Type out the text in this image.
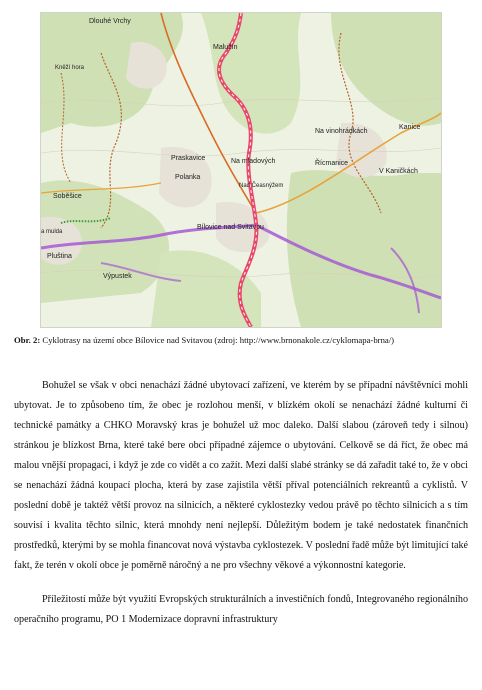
Dlouhé Vrchy
Malužín
Kněží hora
Praskavice	Na mladových
Na vinohrádkách
Kanice
Řícmanice
V Kaničkách
Polanka
Nad Čeasnýžem
Soběšice
Bílovice nad Svitavou
a mulda
Pluština
Výpustek
Obr. 2: Cyklotrasy na území obce Bílovice nad Svitavou (zdroj: http://www.brnonakole.cz/cyklomapa-brna/)

Bohužel se však v obci nenachází žádné ubytovací zařízení, ve kterém by se případní návštěvníci mohli ubytovat. Je to způsobeno tím, že obec je rozlohou menší, v blízkém okolí se nenachází žádné kulturní či technické památky a CHKO Moravský kras je bohužel už moc daleko. Další slabou (zároveň tedy i silnou) stránkou je blízkost Brna, které také bere obci případné zájemce o ubytování. Celkově se dá říct, že obec má malou vnější propagaci, i když je zde co vidět a co zažít. Mezi další slabé stránky se dá zařadit také to, že v obci se nenachází žádná koupací plocha, která by zase zajistila větší příval potenciálních rekreantů a cyklistů. V poslední době je taktéž větší provoz na silnicích, a některé cyklostezky vedou právě po těchto silnicích a s tím souvisí i kvalita těchto silnic, která mnohdy není nejlepší. Důležitým bodem je také nedostatek finančních prostředků, kterými by se mohla financovat nová výstavba cyklostezek. V poslední řadě může být limitující také fakt, že terén v okolí obce je poměrně náročný a ne pro všechny věkové a výkonnostní kategorie.

Příležitostí může být využití Evropských strukturálních a investičních fondů, Integrovaného regionálního operačního programu, PO 1 Modernizace dopravní infrastruktury
